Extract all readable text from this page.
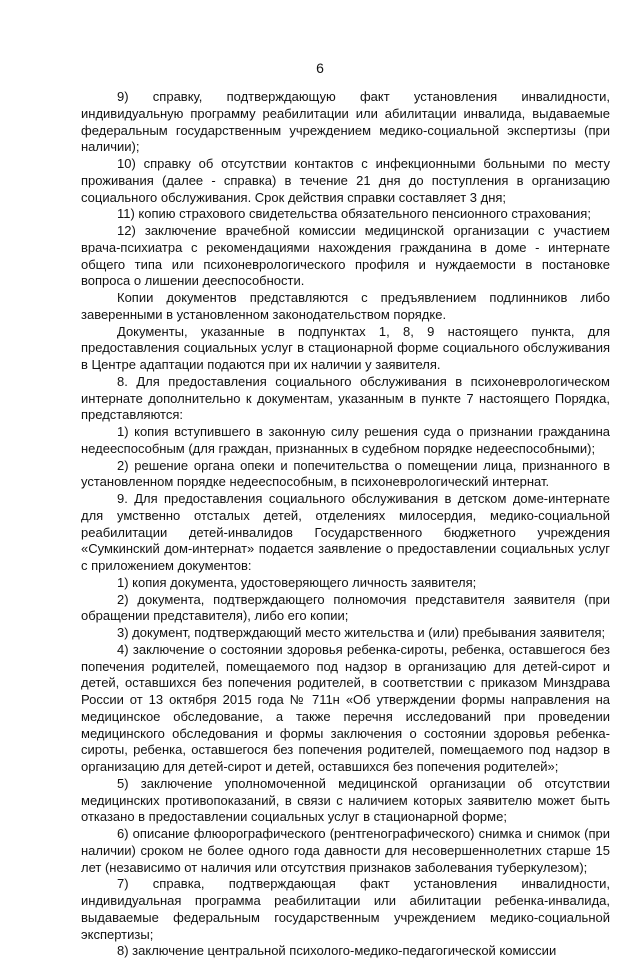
6

9) справку, подтверждающую факт установления инвалидности, индивидуальную программу реабилитации или абилитации инвалида, выдаваемые федеральным государственным учреждением медико-социальной экспертизы (при наличии);

10) справку об отсутствии контактов с инфекционными больными по месту проживания (далее - справка) в течение 21 дня до поступления в организацию социального обслуживания. Срок действия справки составляет 3 дня;

11) копию страхового свидетельства обязательного пенсионного страхования;

12) заключение врачебной комиссии медицинской организации с участием врача-психиатра с рекомендациями нахождения гражданина в доме - интернате общего типа или психоневрологического профиля и нуждаемости в постановке вопроса о лишении дееспособности.

Копии документов представляются с предъявлением подлинников либо заверенными в установленном законодательством порядке.

Документы, указанные в подпунктах 1, 8, 9 настоящего пункта, для предоставления социальных услуг в стационарной форме социального обслуживания в Центре адаптации подаются при их наличии у заявителя.

8. Для предоставления социального обслуживания в психоневрологическом интернате дополнительно к документам, указанным в пункте 7 настоящего Порядка, представляются:

1) копия вступившего в законную силу решения суда о признании гражданина недееспособным (для граждан, признанных в судебном порядке недееспособными);

2) решение органа опеки и попечительства о помещении лица, признанного в установленном порядке недееспособным, в психоневрологический интернат.

9. Для предоставления социального обслуживания в детском доме-интернате для умственно отсталых детей, отделениях милосердия, медико-социальной реабилитации детей-инвалидов Государственного бюджетного учреждения «Сумкинский дом-интернат» подается заявление о предоставлении социальных услуг с приложением документов:

1) копия документа, удостоверяющего личность заявителя;

2) документа, подтверждающего полномочия представителя заявителя (при обращении представителя), либо его копии;

3) документ, подтверждающий место жительства и (или) пребывания заявителя;

4) заключение о состоянии здоровья ребенка-сироты, ребенка, оставшегося без попечения родителей, помещаемого под надзор в организацию для детей-сирот и детей, оставшихся без попечения родителей, в соответствии с приказом Минздрава России от 13 октября 2015 года № 711н «Об утверждении формы направления на медицинское обследование, а также перечня исследований при проведении медицинского обследования и формы заключения о состоянии здоровья ребенка-сироты, ребенка, оставшегося без попечения родителей, помещаемого под надзор в организацию для детей-сирот и детей, оставшихся без попечения родителей»;

5) заключение уполномоченной медицинской организации об отсутствии медицинских противопоказаний, в связи с наличием которых заявителю может быть отказано в предоставлении социальных услуг в стационарной форме;

6) описание флюорографического (рентгенографического) снимка и снимок (при наличии) сроком не более одного года давности для несовершеннолетних старше 15 лет (независимо от наличия или отсутствия признаков заболевания туберкулезом);

7) справка, подтверждающая факт установления инвалидности, индивидуальная программа реабилитации или абилитации ребенка-инвалида, выдаваемые федеральным государственным учреждением медико-социальной экспертизы;

8) заключение центральной психолого-медико-педагогической комиссии
